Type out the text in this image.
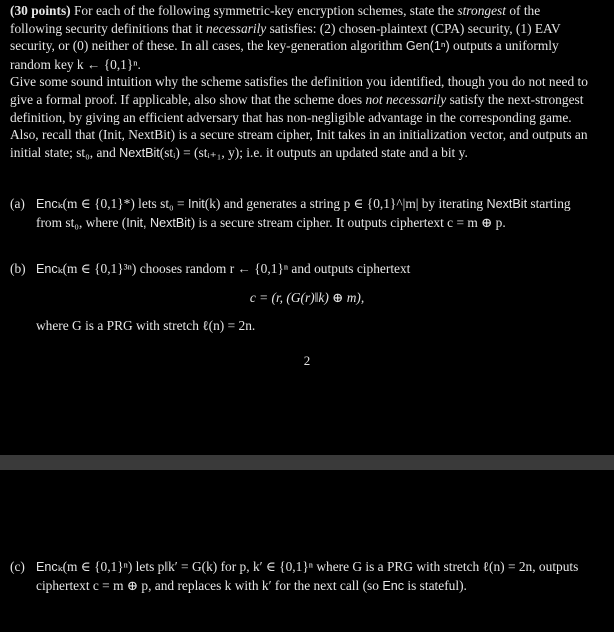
(30 points) For each of the following symmetric-key encryption schemes, state the strongest of the following security definitions that it necessarily satisfies: (2) chosen-plaintext (CPA) security, (1) EAV security, or (0) neither of these. In all cases, the key-generation algorithm Gen(1ⁿ) outputs a uniformly random key k ← {0,1}ⁿ.
Give some sound intuition why the scheme satisfies the definition you identified, though you do not need to give a formal proof. If applicable, also show that the scheme does not necessarily satisfy the next-strongest definition, by giving an efficient adversary that has non-negligible advantage in the corresponding game. Also, recall that (Init, NextBit) is a secure stream cipher, Init takes in an initialization vector, and outputs an initial state; st₀, and NextBit(stᵢ) = (stᵢ₊₁, y); i.e. it outputs an updated state and a bit y.
(a) Encₖ(m ∈ {0,1}*) lets st₀ = Init(k) and generates a string p ∈ {0,1}^|m| by iterating NextBit starting from st₀, where (Init, NextBit) is a secure stream cipher. It outputs ciphertext c = m ⊕ p.
(b) Encₖ(m ∈ {0,1}³ⁿ) chooses random r ← {0,1}ⁿ and outputs ciphertext
c = (r, (G(r)‖k) ⊕ m),
where G is a PRG with stretch ℓ(n) = 2n.
2
(c) Encₖ(m ∈ {0,1}ⁿ) lets p‖k′ = G(k) for p, k′ ∈ {0,1}ⁿ where G is a PRG with stretch ℓ(n) = 2n, outputs ciphertext c = m ⊕ p, and replaces k with k′ for the next call (so Enc is stateful).
